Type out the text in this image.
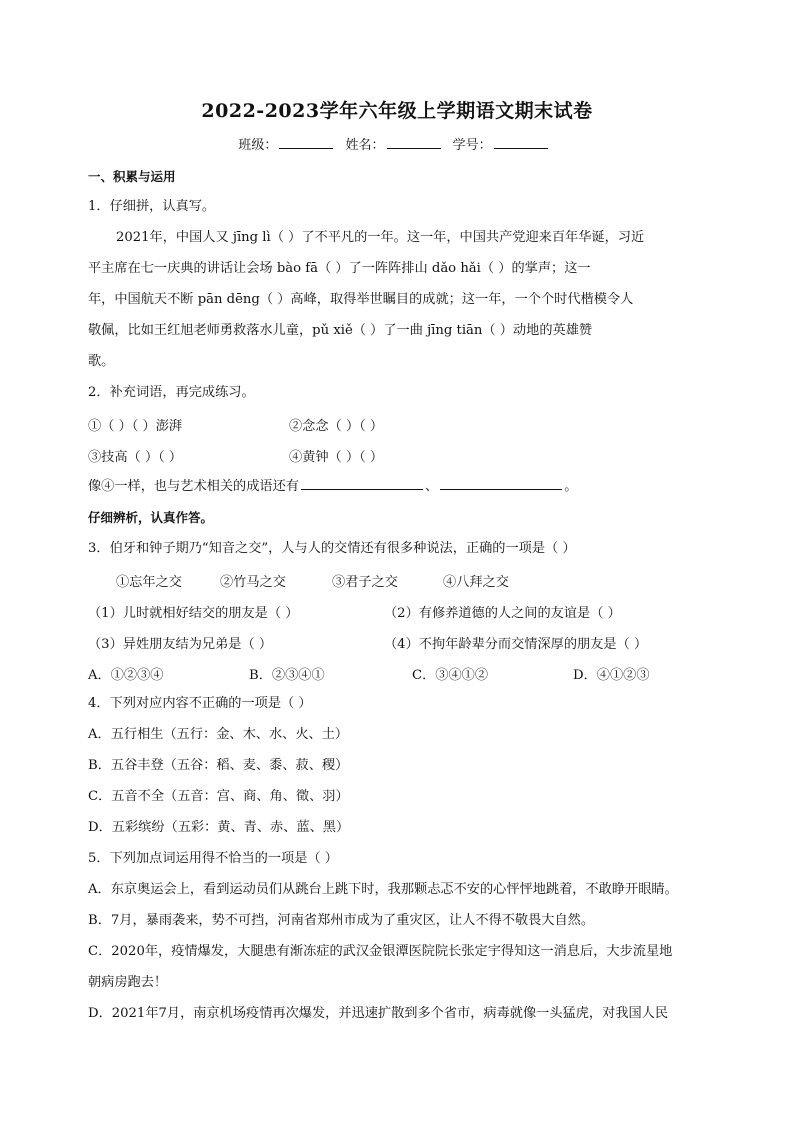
2022-2023学年六年级上学期语文期末试卷
班级：	姓名：	学号：
一、积累与运用
1．仔细拼，认真写。
2021年，中国人又 jīng lì（ ）了不平凡的一年。这一年，中国共产党迎来百年华诞，习近
平主席在七一庆典的讲话让会场 bào fā（ ）了一阵阵排山 dǎo hǎi（ ）的掌声；这一
年，中国航天不断 pān dēng（ ）高峰，取得举世瞩目的成就；这一年，一个个时代楷模令人
敬佩，比如王红旭老师勇救落水儿童，pǔ xiě（ ）了一曲 jīng tiān（ ）动地的英雄赞
歌。
2．补充词语，再完成练习。
①（ ）（ ）澎湃	②念念（ ）（ ）
③技高（ ）（ ）	④黄钟（ ）（ ）
像④一样，也与艺术相关的成语还有	、	。
仔细辨析，认真作答。
3．伯牙和钟子期乃“知音之交”，人与人的交情还有很多种说法，正确的一项是（ ）
①忘年之交	②竹马之交	③君子之交	④八拜之交
（1）儿时就相好结交的朋友是（ ）	（2）有修养道德的人之间的友谊是（ ）
（3）异姓朋友结为兄弟是（ ）	（4）不拘年龄辈分而交情深厚的朋友是（ ）
A．①②③④	B．②③④①	C．③④①②	D．④①②③
4．下列对应内容不正确的一项是（ ）
A．五行相生（五行：金、木、水、火、土）
B．五谷丰登（五谷：稻、麦、黍、菽、稷）
C．五音不全（五音：宫、商、角、徵、羽）
D．五彩缤纷（五彩：黄、青、赤、蓝、黑）
5．下列加点词运用得不恰当的一项是（ ）
A．东京奥运会上，看到运动员们从跳台上跳下时，我那颗忐忑不安的心怦怦地跳着，不敢睁开眼睛。
B．7月，暴雨袭来，势不可挡，河南省郑州市成为了重灾区，让人不得不敬畏大自然。
C．2020年，疫情爆发，大腿患有渐冻症的武汉金银潭医院院长张定宇得知这一消息后，大步流星地
朝病房跑去！
D．2021年7月，南京机场疫情再次爆发，并迅速扩散到多个省市，病毒就像一头猛虎，对我国人民
